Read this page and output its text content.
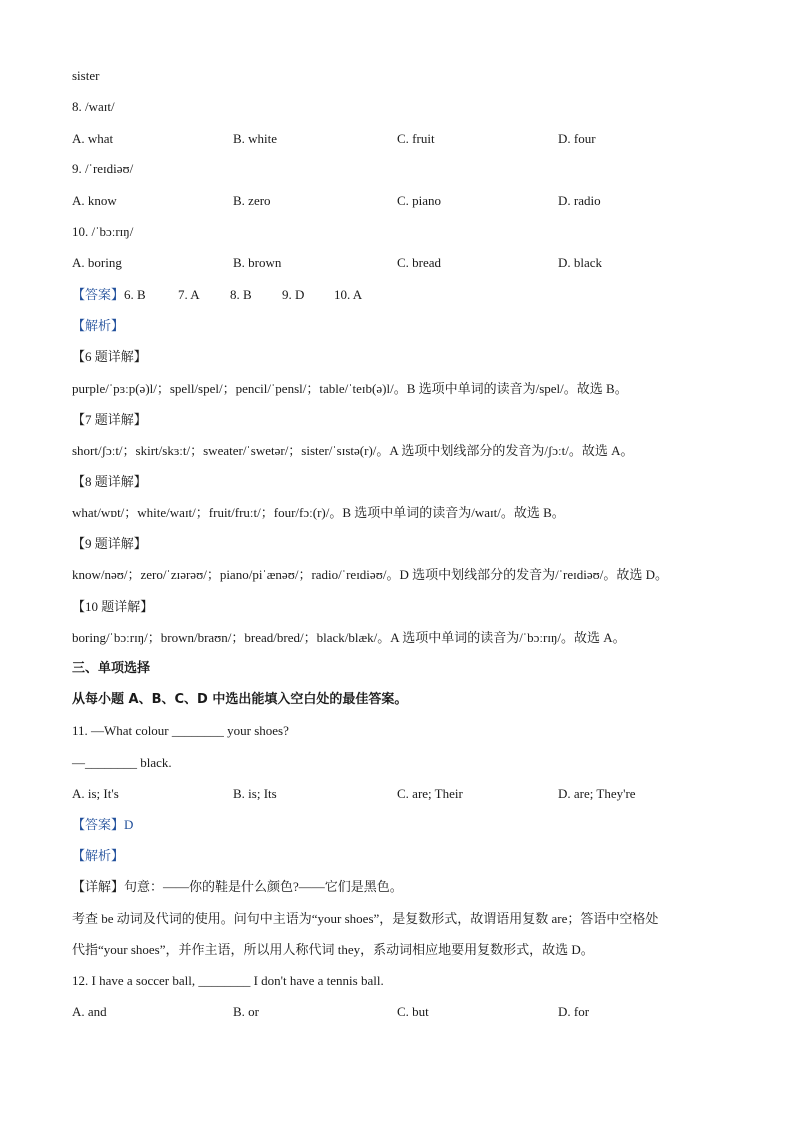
sister
8. /waɪt/
A. what	B. white	C. fruit	D. four
9. /ˈreɪdiəʊ/
A. know	B. zero	C. piano	D. radio
10. /ˈbɔːrɪŋ/
A. boring	B. brown	C. bread	D. black
【答案】 6. B 7. A 8. B 9. D 10. A
【解析】
【6 题详解】
purple/ˈpɜːp(ə)l/；spell/spel/；pencil/ˈpensl/；table/ˈteɪb(ə)l/。B 选项中单词的读音为/spel/。故选 B。
【7 题详解】
short/ʃɔːt/；skirt/skɜːt/；sweater/ˈswetər/；sister/ˈsɪstə(r)/。A 选项中划线部分的发音为/ʃɔːt/。故选 A。
【8 题详解】
what/wɒt/；white/waɪt/；fruit/fruːt/；four/fɔː(r)/。B 选项中单词的读音为/waɪt/。故选 B。
【9 题详解】
know/nəʊ/；zero/ˈzɪərəʊ/；piano/piˈænəʊ/；radio/ˈreɪdiəʊ/。D 选项中划线部分的发音为/ˈreɪdiəʊ/。故选 D。
【10 题详解】
boring/ˈbɔːrɪŋ/；brown/braʊn/；bread/bred/；black/blæk/。A 选项中单词的读音为/ˈbɔːrɪŋ/。故选 A。
三、单项选择
从每小题 A、B、C、D 中选出能填入空白处的最佳答案。
11. —What colour ________ your shoes?
—________ black.
A. is; It's	B. is; Its	C. are; Their	D. are; They're
【答案】D
【解析】
【详解】句意：——你的鞋是什么颜色?——它们是黑色。
考查 be 动词及代词的使用。问句中主语为“your shoes”，是复数形式，故谓语用复数 are；答语中空格处
代指“your shoes”，并作主语，所以用人称代词 they，系动词相应地要用复数形式，故选 D。
12. I have a soccer ball, ________ I don't have a tennis ball.
A. and	B. or	C. but	D. for
